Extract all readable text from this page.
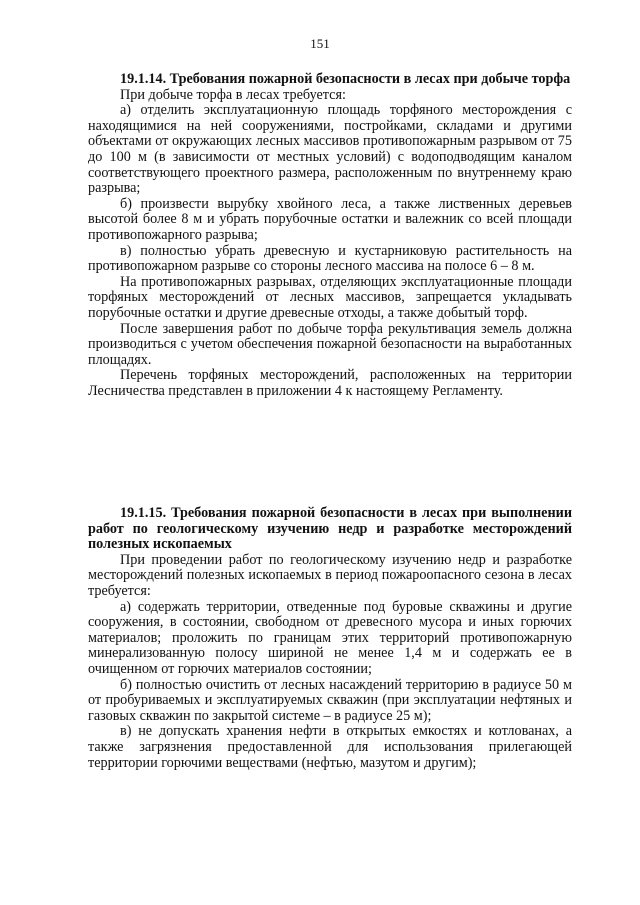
151

19.1.14. Требования пожарной безопасности в лесах при добыче торфа

При добыче торфа в лесах требуется:

а) отделить эксплуатационную площадь торфяного месторождения с находящимися на ней сооружениями, постройками, складами и другими объектами от окружающих лесных массивов противопожарным разрывом от 75 до 100 м (в зависимости от местных условий) с водоподводящим каналом соответствующего проектного размера, расположенным по внутреннему краю разрыва;

б) произвести вырубку хвойного леса, а также лиственных деревьев высотой более 8 м и убрать порубочные остатки и валежник со всей площади противопожарного разрыва;

в) полностью убрать древесную и кустарниковую растительность на противопожарном разрыве со стороны лесного массива на полосе 6 – 8 м.

На противопожарных разрывах, отделяющих эксплуатационные площади торфяных месторождений от лесных массивов, запрещается укладывать порубочные остатки и другие древесные отходы, а также добытый торф.

После завершения работ по добыче торфа рекультивация земель должна производиться с учетом обеспечения пожарной безопасности на выработанных площадях.

Перечень торфяных месторождений, расположенных на территории Лесничества представлен в приложении 4 к настоящему Регламенту.

19.1.15. Требования пожарной безопасности в лесах при выполнении работ по геологическому изучению недр и разработке месторождений полезных ископаемых

При проведении работ по геологическому изучению недр и разработке месторождений полезных ископаемых в период пожароопасного сезона в лесах требуется:

а) содержать территории, отведенные под буровые скважины и другие сооружения, в состоянии, свободном от древесного мусора и иных горючих материалов; проложить по границам этих территорий противопожарную минерализованную полосу шириной не менее 1,4 м и содержать ее в очищенном от горючих материалов состоянии;

б) полностью очистить от лесных насаждений территорию в радиусе 50 м от пробуриваемых и эксплуатируемых скважин (при эксплуатации нефтяных и газовых скважин по закрытой системе – в радиусе 25 м);

в) не допускать хранения нефти в открытых емкостях и котлованах, а также загрязнения предоставленной для использования прилегающей территории горючими веществами (нефтью, мазутом и другим);
